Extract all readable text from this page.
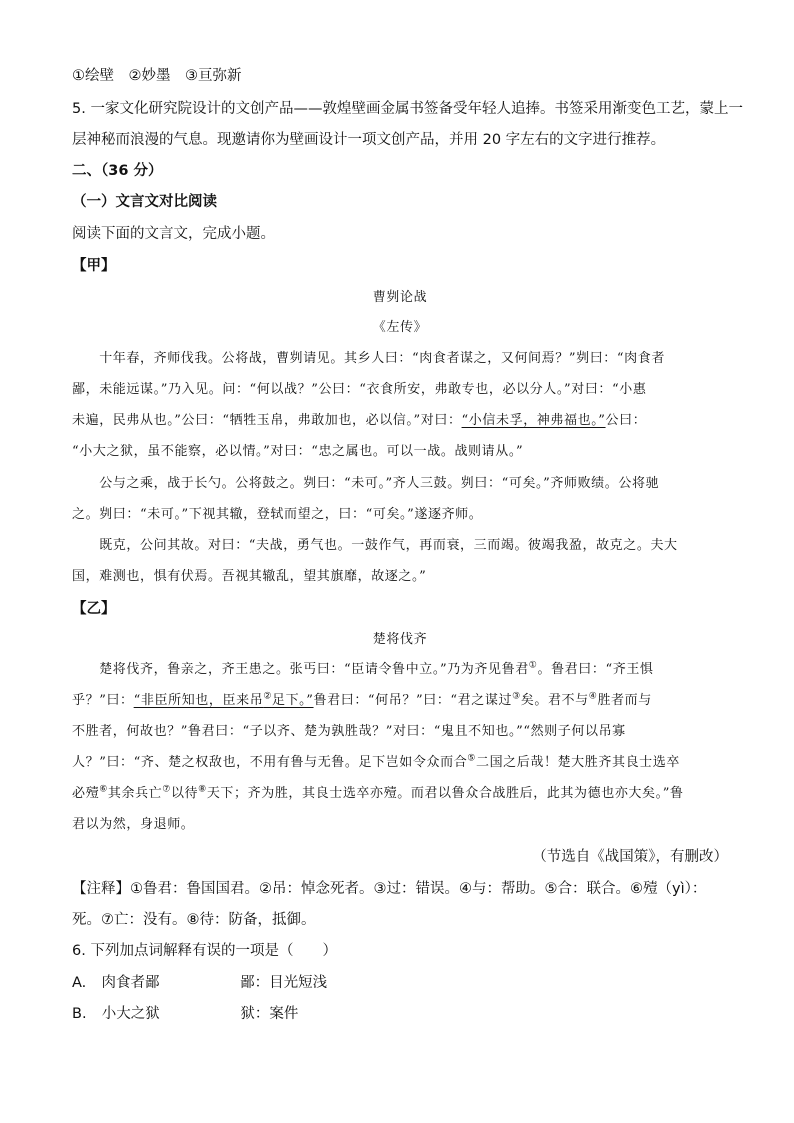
①绘壁　②妙墨　③亘弥新
5. 一家文化研究院设计的文创产品——敦煌壁画金属书签备受年轻人追捧。书签采用渐变色工艺，蒙上一
层神秘而浪漫的气息。现邀请你为壁画设计一项文创产品，并用 20 字左右的文字进行推荐。
二、（36 分）
（一）文言文对比阅读
阅读下面的文言文，完成小题。
【甲】
曹刿论战
《左传》
　　十年春，齐师伐我。公将战，曹刿请见。其乡人曰：“肉食者谋之，又何间焉？”刿曰：“肉食者
鄙，未能远谋。”乃入见。问：“何以战？”公曰：“衣食所安，弗敢专也，必以分人。”对曰：“小惠
未遍，民弗从也。”公曰：“牺牲玉帛，弗敢加也，必以信。”对曰：“小信未孚，神弗福也。”公曰：
“小大之狱，虽不能察，必以情。”对曰：“忠之属也。可以一战。战则请从。”
　　公与之乘，战于长勺。公将鼓之。刿曰：“未可。”齐人三鼓。刿曰：“可矣。”齐师败绩。公将驰
之。刿曰：“未可。”下视其辙，登轼而望之，曰：“可矣。”遂逐齐师。
　　既克，公问其故。对曰：“夫战，勇气也。一鼓作气，再而衰，三而竭。彼竭我盈，故克之。夫大
国，难测也，惧有伏焉。吾视其辙乱，望其旗靡，故逐之。”
【乙】
楚将伐齐
　　楚将伐齐，鲁亲之，齐王患之。张丐曰：“臣请令鲁中立。”乃为齐见鲁君①。鲁君曰：“齐王惧
乎？”曰：“非臣所知也，臣来吊②足下。”鲁君曰：“何吊？”曰：“君之谋过③矣。君不与④胜者而与
不胜者，何故也？”鲁君曰：“子以齐、楚为孰胜哉？”对曰：“鬼且不知也。”“然则子何以吊寡
人？”曰：“齐、楚之权敌也，不用有鲁与无鲁。足下岂如令众而合⑤二国之后哉！楚大胜齐其良士选卒
必殪⑥其余兵亡⑦以待⑧天下；齐为胜，其良士选卒亦殪。而君以鲁众合战胜后，此其为德也亦大矣。”鲁
君以为然，身退师。
（节选自《战国策》，有删改）
【注释】①鲁君：鲁国国君。②吊：悼念死者。③过：错误。④与：帮助。⑤合：联合。⑥殪（yì）：
死。⑦亡：没有。⑧待：防备，抵御。
6. 下列加点词解释有误的一项是（　　）
A. 肉食者鄙	鄙：目光短浅
B. 小大之狱	狱：案件
